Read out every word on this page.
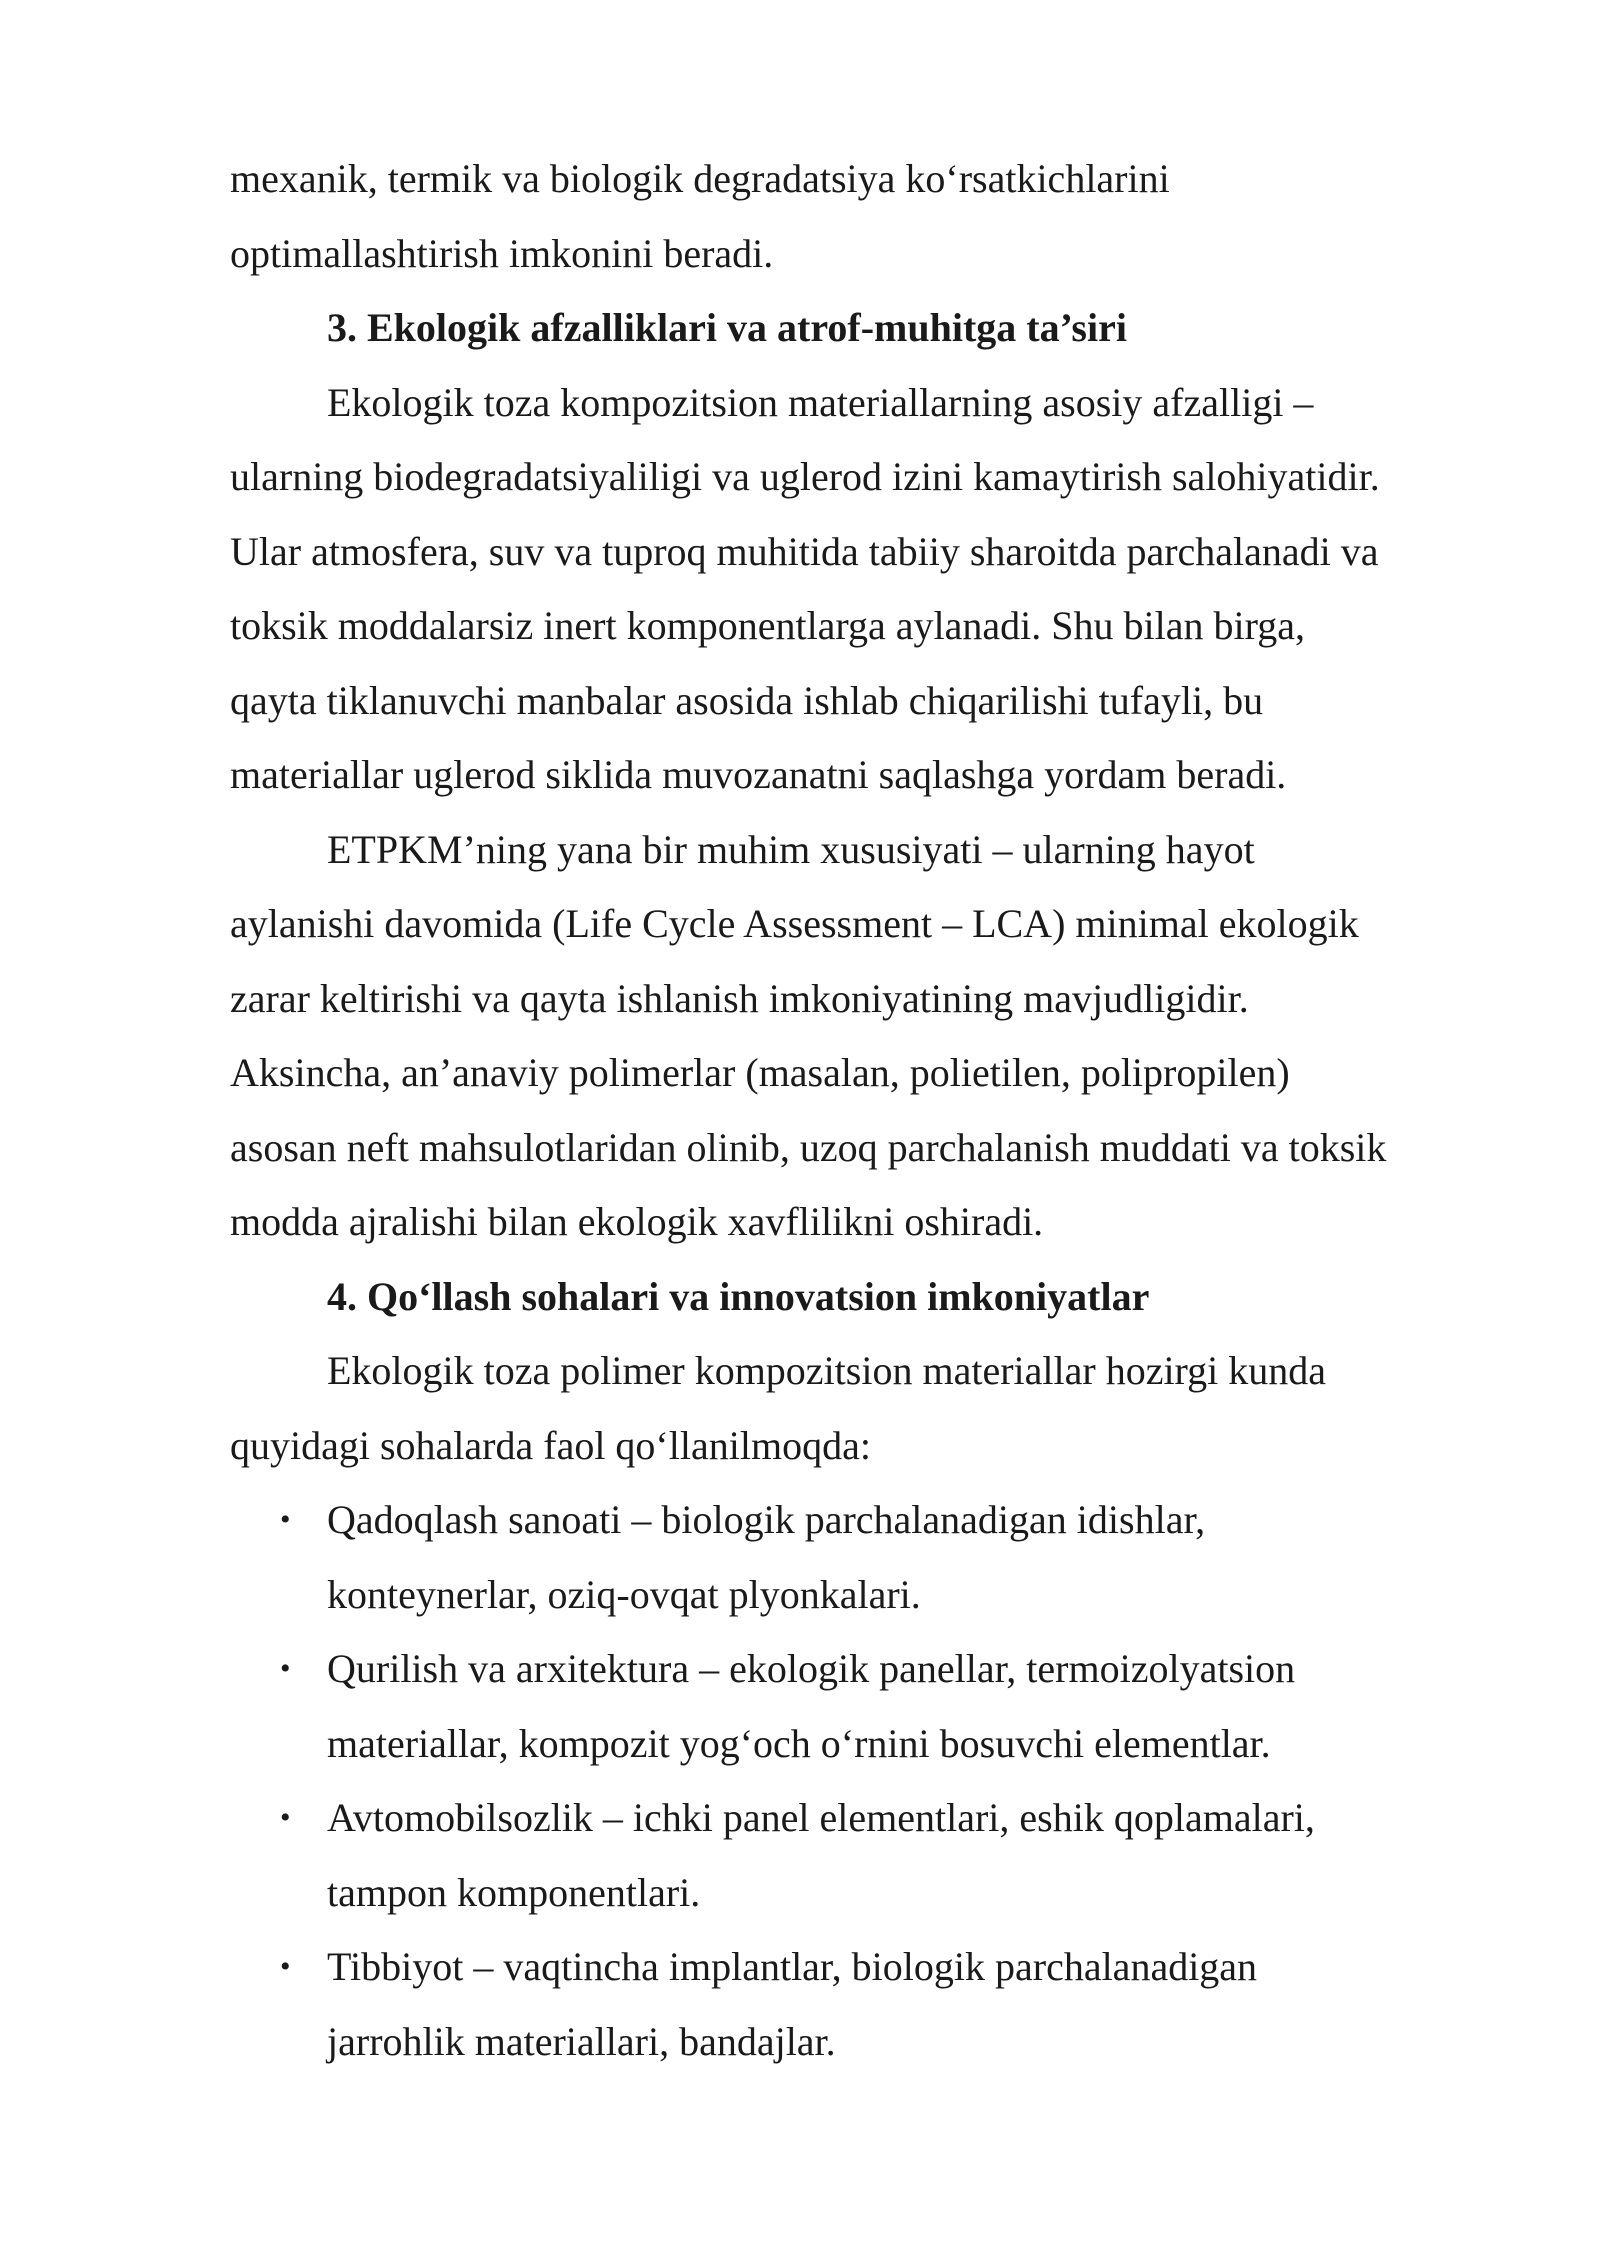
mexanik, termik va biologik degradatsiya ko‘rsatkichlarini

optimallashtirish imkonini beradi.

3. Ekologik afzalliklari va atrof-muhitga ta’siri

Ekologik toza kompozitsion materiallarning asosiy afzalligi –

ularning biodegradatsiyaliligi va uglerod izini kamaytirish salohiyatidir.

Ular atmosfera, suv va tuproq muhitida tabiiy sharoitda parchalanadi va

toksik moddalarsiz inert komponentlarga aylanadi. Shu bilan birga,

qayta tiklanuvchi manbalar asosida ishlab chiqarilishi tufayli, bu

materiallar uglerod siklida muvozanatni saqlashga yordam beradi.

ETPKM’ning yana bir muhim xususiyati – ularning hayot

aylanishi davomida (Life Cycle Assessment – LCA) minimal ekologik

zarar keltirishi va qayta ishlanish imkoniyatining mavjudligidir.

Aksincha, an’anaviy polimerlar (masalan, polietilen, polipropilen)

asosan neft mahsulotlaridan olinib, uzoq parchalanish muddati va toksik

modda ajralishi bilan ekologik xavflilikni oshiradi.

4. Qo‘llash sohalari va innovatsion imkoniyatlar

Ekologik toza polimer kompozitsion materiallar hozirgi kunda

quyidagi sohalarda faol qo‘llanilmoqda:

• Qadoqlash sanoati – biologik parchalanadigan idishlar,

konteynerlar, oziq-ovqat plyonkalari.

• Qurilish va arxitektura – ekologik panellar, termoizolyatsion

materiallar, kompozit yog‘och o‘rnini bosuvchi elementlar.

• Avtomobilsozlik – ichki panel elementlari, eshik qoplamalari,

tampon komponentlari.

• Tibbiyot – vaqtincha implantlar, biologik parchalanadigan

jarrohlik materiallari, bandajlar.
